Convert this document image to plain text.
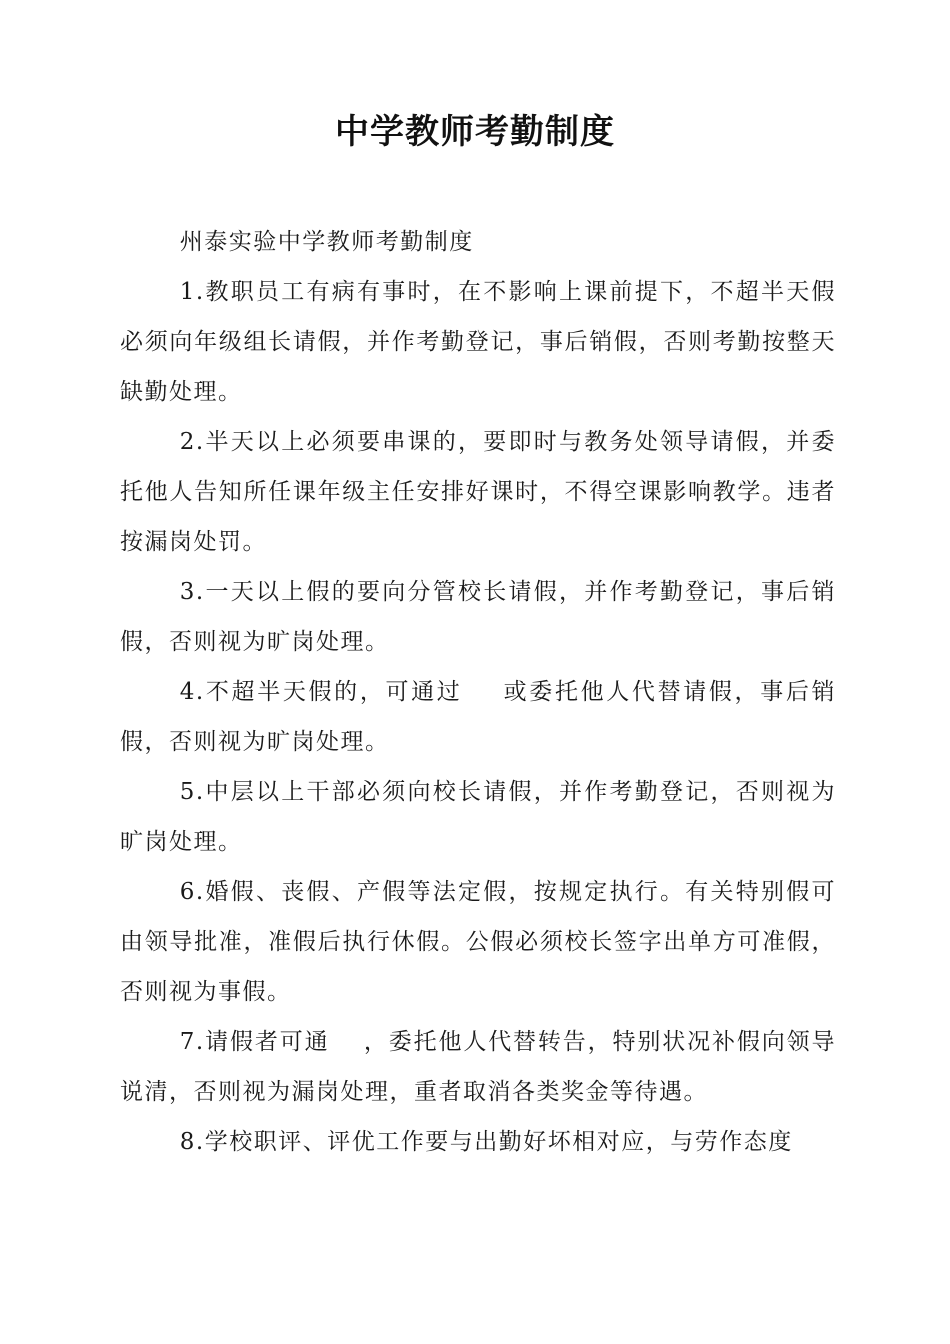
中学教师考勤制度

州泰实验中学教师考勤制度

1.教职员工有病有事时，在不影响上课前提下，不超半天假必须向年级组长请假，并作考勤登记，事后销假，否则考勤按整天缺勤处理。

2.半天以上必须要串课的，要即时与教务处领导请假，并委托他人告知所任课年级主任安排好课时，不得空课影响教学。违者按漏岗处罚。

3.一天以上假的要向分管校长请假，并作考勤登记，事后销假，否则视为旷岗处理。

4.不超半天假的，可通过 或委托他人代替请假，事后销假，否则视为旷岗处理。

5.中层以上干部必须向校长请假，并作考勤登记，否则视为旷岗处理。

6.婚假、丧假、产假等法定假，按规定执行。有关特别假可由领导批准，准假后执行休假。公假必须校长签字出单方可准假，否则视为事假。

7.请假者可通 ，委托他人代替转告，特别状况补假向领导说清，否则视为漏岗处理，重者取消各类奖金等待遇。

8.学校职评、评优工作要与出勤好坏相对应，与劳作态度
